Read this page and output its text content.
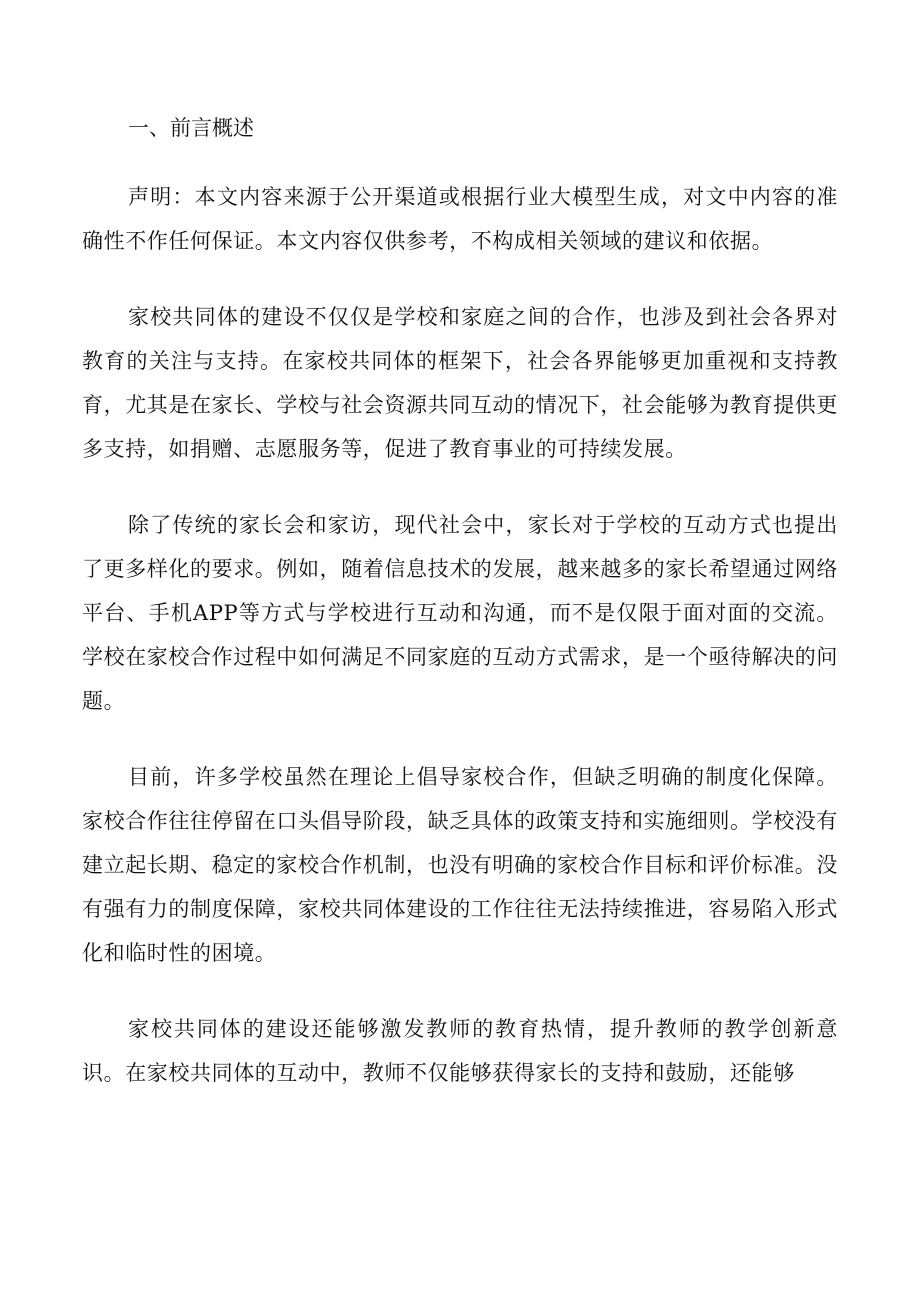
一、前言概述

声明：本文内容来源于公开渠道或根据行业大模型生成，对文中内容的准确性不作任何保证。本文内容仅供参考，不构成相关领域的建议和依据。

家校共同体的建设不仅仅是学校和家庭之间的合作，也涉及到社会各界对教育的关注与支持。在家校共同体的框架下，社会各界能够更加重视和支持教育，尤其是在家长、学校与社会资源共同互动的情况下，社会能够为教育提供更多支持，如捐赠、志愿服务等，促进了教育事业的可持续发展。

除了传统的家长会和家访，现代社会中，家长对于学校的互动方式也提出了更多样化的要求。例如，随着信息技术的发展，越来越多的家长希望通过网络平台、手机APP等方式与学校进行互动和沟通，而不是仅限于面对面的交流。学校在家校合作过程中如何满足不同家庭的互动方式需求，是一个亟待解决的问题。

目前，许多学校虽然在理论上倡导家校合作，但缺乏明确的制度化保障。家校合作往往停留在口头倡导阶段，缺乏具体的政策支持和实施细则。学校没有建立起长期、稳定的家校合作机制，也没有明确的家校合作目标和评价标准。没有强有力的制度保障，家校共同体建设的工作往往无法持续推进，容易陷入形式化和临时性的困境。

家校共同体的建设还能够激发教师的教育热情，提升教师的教学创新意识。在家校共同体的互动中，教师不仅能够获得家长的支持和鼓励，还能够
